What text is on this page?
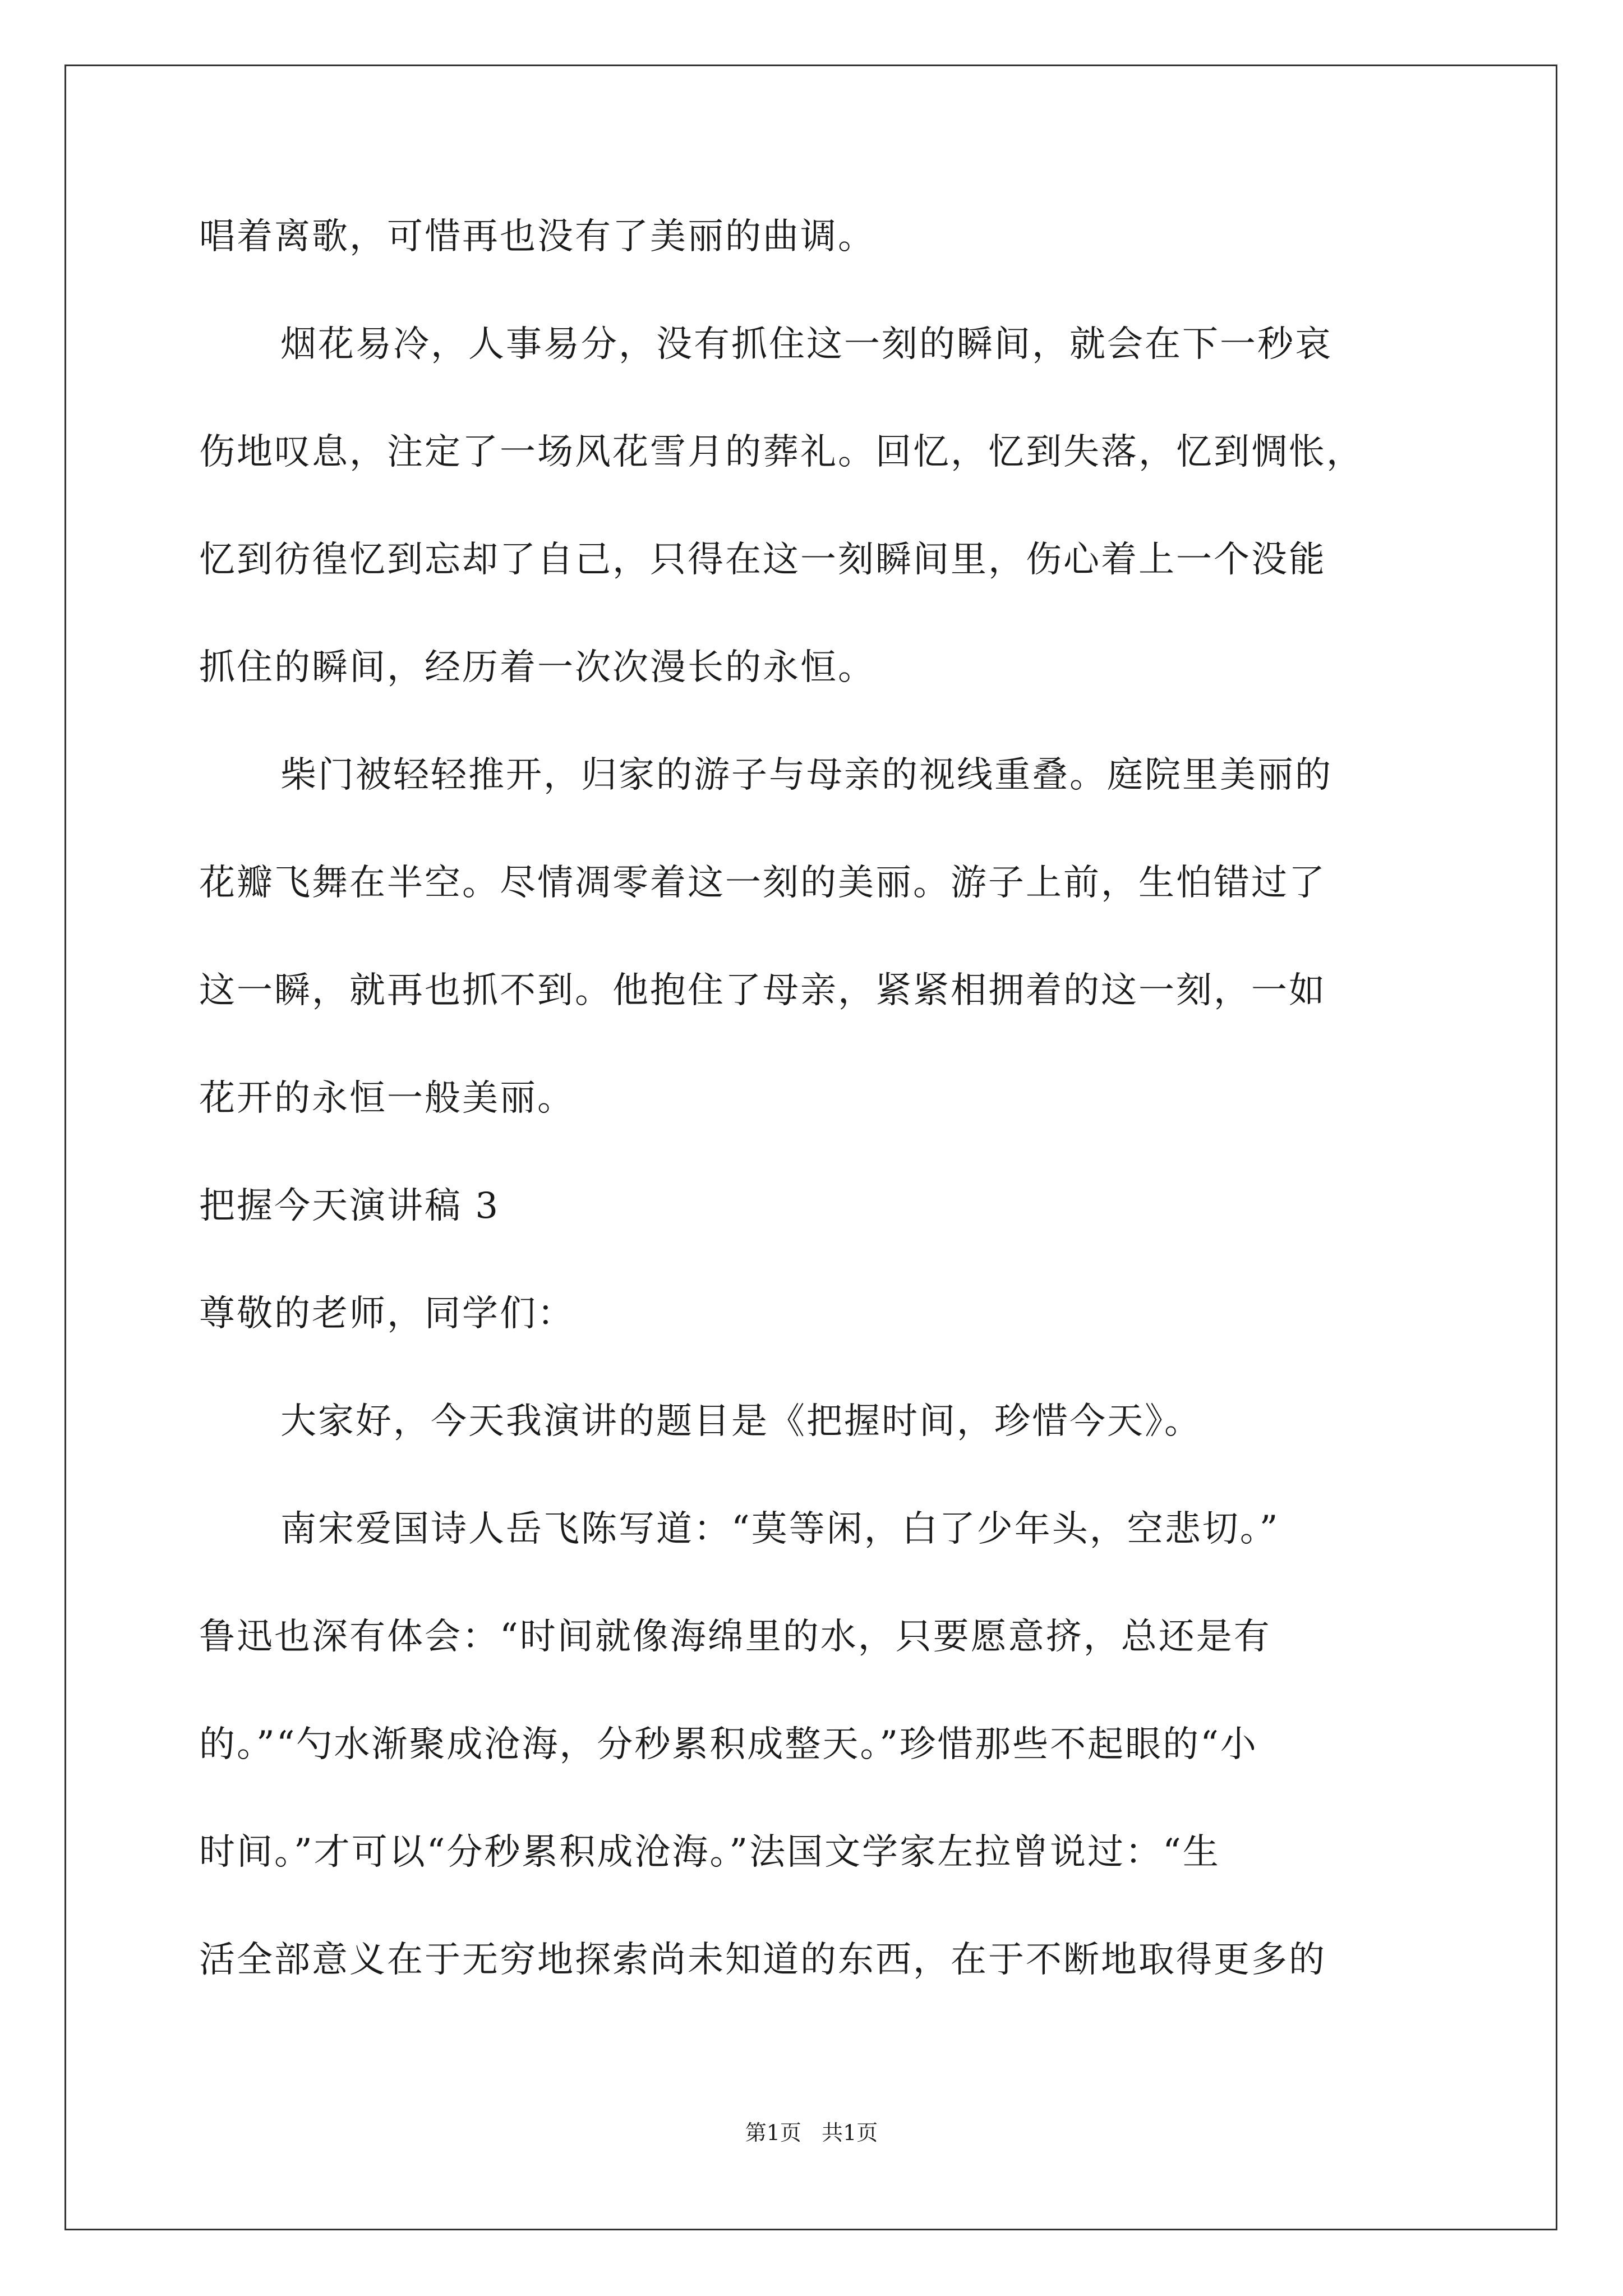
唱着离歌，可惜再也没有了美丽的曲调。
烟花易冷，人事易分，没有抓住这一刻的瞬间，就会在下一秒哀
伤地叹息，注定了一场风花雪月的葬礼。回忆，忆到失落，忆到惆怅，
忆到彷徨忆到忘却了自己，只得在这一刻瞬间里，伤心着上一个没能
抓住的瞬间，经历着一次次漫长的永恒。
柴门被轻轻推开，归家的游子与母亲的视线重叠。庭院里美丽的
花瓣飞舞在半空。尽情凋零着这一刻的美丽。游子上前，生怕错过了
这一瞬，就再也抓不到。他抱住了母亲，紧紧相拥着的这一刻，一如
花开的永恒一般美丽。
把握今天演讲稿 3
尊敬的老师，同学们：
大家好，今天我演讲的题目是《把握时间，珍惜今天》。
南宋爱国诗人岳飞陈写道：“莫等闲，白了少年头，空悲切。”
鲁迅也深有体会：“时间就像海绵里的水，只要愿意挤，总还是有
的。”“勺水渐聚成沧海，分秒累积成整天。”珍惜那些不起眼的“小
时间。”才可以“分秒累积成沧海。”法国文学家左拉曾说过：“生
活全部意义在于无穷地探索尚未知道的东西，在于不断地取得更多的
第1页   共1页
